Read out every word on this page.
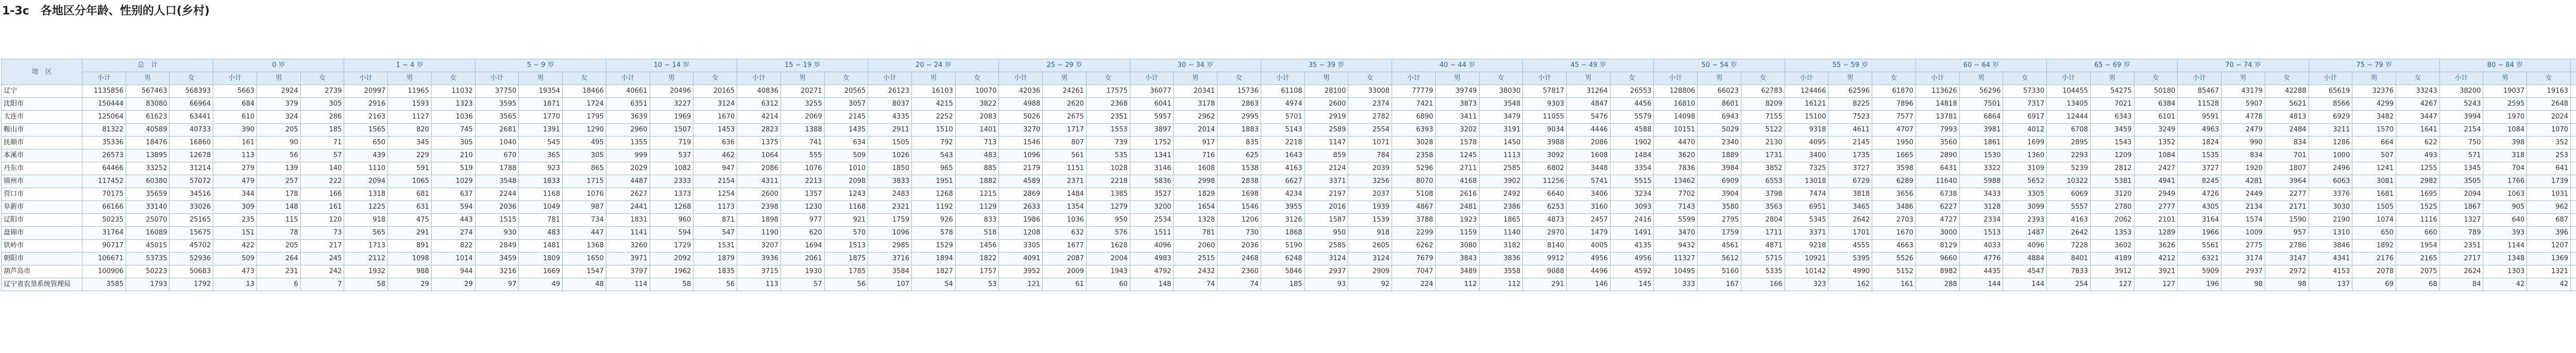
1-3c　各地区分年龄、性别的人口(乡村)
地　区	总　计	0 岁	1 − 4 岁	5 − 9 岁	10 − 14 岁	15 − 19 岁	20 − 24 岁	25 − 29 岁	30 − 34 岁	35 − 39 岁	40 − 44 岁	45 − 49 岁	50 − 54 岁	55 − 59 岁	60 − 64 岁	65 − 69 岁	70 − 74 岁	75 − 79 岁	80 − 84 岁				
小计	男	女	小计	男	女	小计	男	女	小计	男	女	小计	男	女	小计	男	女	小计	男	女	小计	男	女	小计	男	女	小计	男	女	小计	男	女	小计	男	女	小计	男	女	小计	男	女	小计	男	女	小计	男	女	小计	男	女	小计	男	女	小计	男	女												
辽宁	1135856	567463	568393	5663	2924	2739	20997	11965	11032	37750	19354	18466	40661	20496	20165	40836	20271	20565	26123	16103	10070	42036	24261	17575	36077	20341	15736	61108	28100	33008	77779	39749	38030	57817	31264	26553	128806	66023	62783	124466	62596	61870	113626	56296	57330	104455	54275	50180	85467	43179	42288	65619	32376	33243	38200	19037	19163															
沈阳市	150444	83080	66964	684	379	305	2916	1593	1323	3595	1871	1724	6351	3227	3124	6312	3255	3057	8037	4215	3822	4988	2620	2368	6041	3178	2863	4974	2600	2374	7421	3873	3548	9303	4847	4456	16810	8601	8209	16121	8225	7896	14818	7501	7317	13405	7021	6384	11528	5907	5621	8566	4299	4267	5243	2595	2648															
大连市	125064	61623	63441	610	324	286	2163	1127	1036	3565	1770	1795	3639	1969	1670	4214	2069	2145	4335	2252	2083	5026	2675	2351	5957	2962	2995	5701	2919	2782	6890	3411	3479	11055	5476	5579	14098	6943	7155	15100	7523	7577	13781	6864	6917	12444	6343	6101	9591	4778	4813	6929	3482	3447	3994	1970	2024															
鞍山市	81322	40589	40733	390	205	185	1565	820	745	2681	1391	1290	2960	1507	1453	2823	1388	1435	2911	1510	1401	3270	1717	1553	3897	2014	1883	5143	2589	2554	6393	3202	3191	9034	4446	4588	10151	5029	5122	9318	4611	4707	7993	3981	4012	6708	3459	3249	4963	2479	2484	3211	1570	1641	2154	1084	1070															
抚顺市	35336	18476	16860	161	90	71	650	345	305	1040	545	495	1355	719	636	1375	741	634	1505	792	713	1546	807	739	1752	917	835	2218	1147	1071	3028	1578	1450	3988	2086	1902	4470	2340	2130	4095	2145	1950	3560	1861	1699	2895	1543	1352	1824	990	834	1286	664	622	750	398	352															
本溪市	26573	13895	12678	113	56	57	439	229	210	670	365	305	999	537	462	1064	555	509	1026	543	483	1096	561	535	1341	716	625	1643	859	784	2358	1245	1113	3092	1608	1484	3620	1889	1731	3400	1735	1665	2890	1530	1360	2293	1209	1084	1535	834	701	1000	507	493	571	318	253															
丹东市	64466	33252	31214	279	139	140	1110	591	519	1788	923	865	2029	1082	947	2086	1076	1010	1850	965	885	2179	1151	1028	3146	1608	1538	4163	2124	2039	5296	2711	2585	6802	3448	3354	7836	3984	3852	7325	3727	3598	6431	3322	3109	5239	2812	2427	3727	1920	1807	2496	1241	1255	1345	704	641															
锦州市	117452	60380	57072	479	257	222	2094	1065	1029	3548	1833	1715	4487	2333	2154	4311	2213	2098	3833	1951	1882	4589	2371	2218	5836	2998	2838	6627	3371	3256	8070	4168	3902	11256	5741	5515	13462	6909	6553	13018	6729	6289	11640	5988	5652	10322	5381	4941	8245	4281	3964	6063	3081	2982	3505	1766	1739															
营口市	70175	35659	34516	344	178	166	1318	681	637	2244	1168	1076	2627	1373	1254	2600	1357	1243	2483	1268	1215	2869	1484	1385	3527	1829	1698	4234	2197	2037	5108	2616	2492	6640	3406	3234	7702	3904	3798	7474	3818	3656	6738	3433	3305	6069	3120	2949	4726	2449	2277	3376	1681	1695	2094	1063	1031															
阜新市	66166	33140	33026	309	148	161	1225	631	594	2036	1049	987	2441	1268	1173	2398	1230	1168	2321	1192	1129	2633	1354	1279	3200	1654	1546	3955	2016	1939	4867	2481	2386	6253	3160	3093	7143	3580	3563	6951	3465	3486	6227	3128	3099	5557	2780	2777	4305	2134	2171	3030	1505	1525	1867	905	962															
辽阳市	50235	25070	25165	235	115	120	918	475	443	1515	781	734	1831	960	871	1898	977	921	1759	926	833	1986	1036	950	2534	1328	1206	3126	1587	1539	3788	1923	1865	4873	2457	2416	5599	2795	2804	5345	2642	2703	4727	2334	2393	4163	2062	2101	3164	1574	1590	2190	1074	1116	1327	640	687															
盘锦市	31764	16089	15675	151	78	73	565	291	274	930	483	447	1141	594	547	1190	620	570	1096	578	518	1208	632	576	1511	781	730	1868	950	918	2299	1159	1140	2970	1479	1491	3470	1759	1711	3371	1701	1670	3000	1513	1487	2642	1353	1289	1966	1009	957	1310	650	660	789	393	396															
铁岭市	90717	45015	45702	422	205	217	1713	891	822	2849	1481	1368	3260	1729	1531	3207	1694	1513	2985	1529	1456	3305	1677	1628	4096	2060	2036	5190	2585	2605	6262	3080	3182	8140	4005	4135	9432	4561	4871	9218	4555	4663	8129	4033	4096	7228	3602	3626	5561	2775	2786	3846	1892	1954	2351	1144	1207															
朝阳市	106671	53735	52936	509	264	245	2112	1098	1014	3459	1809	1650	3971	2092	1879	3936	2061	1875	3716	1894	1822	4091	2087	2004	4983	2515	2468	6248	3124	3124	7679	3843	3836	9912	4956	4956	11327	5612	5715	10921	5395	5526	9660	4776	4884	8401	4189	4212	6321	3174	3147	4341	2176	2165	2717	1348	1369															
葫芦岛市	100906	50223	50683	473	231	242	1932	988	944	3216	1669	1547	3797	1962	1835	3715	1930	1785	3584	1827	1757	3952	2009	1943	4792	2432	2360	5846	2937	2909	7047	3489	3558	9088	4496	4592	10495	5160	5335	10142	4990	5152	8982	4435	4547	7833	3912	3921	5909	2937	2972	4153	2078	2075	2624	1303	1321															
辽宁省农垦系统管理局	3585	1793	1792	13	6	7	58	29	29	97	49	48	114	58	56	113	57	56	107	54	53	121	61	60	148	74	74	185	93	92	224	112	112	291	146	145	333	167	166	323	162	161	288	144	144	254	127	127	196	98	98	137	69	68	84	42	42															
